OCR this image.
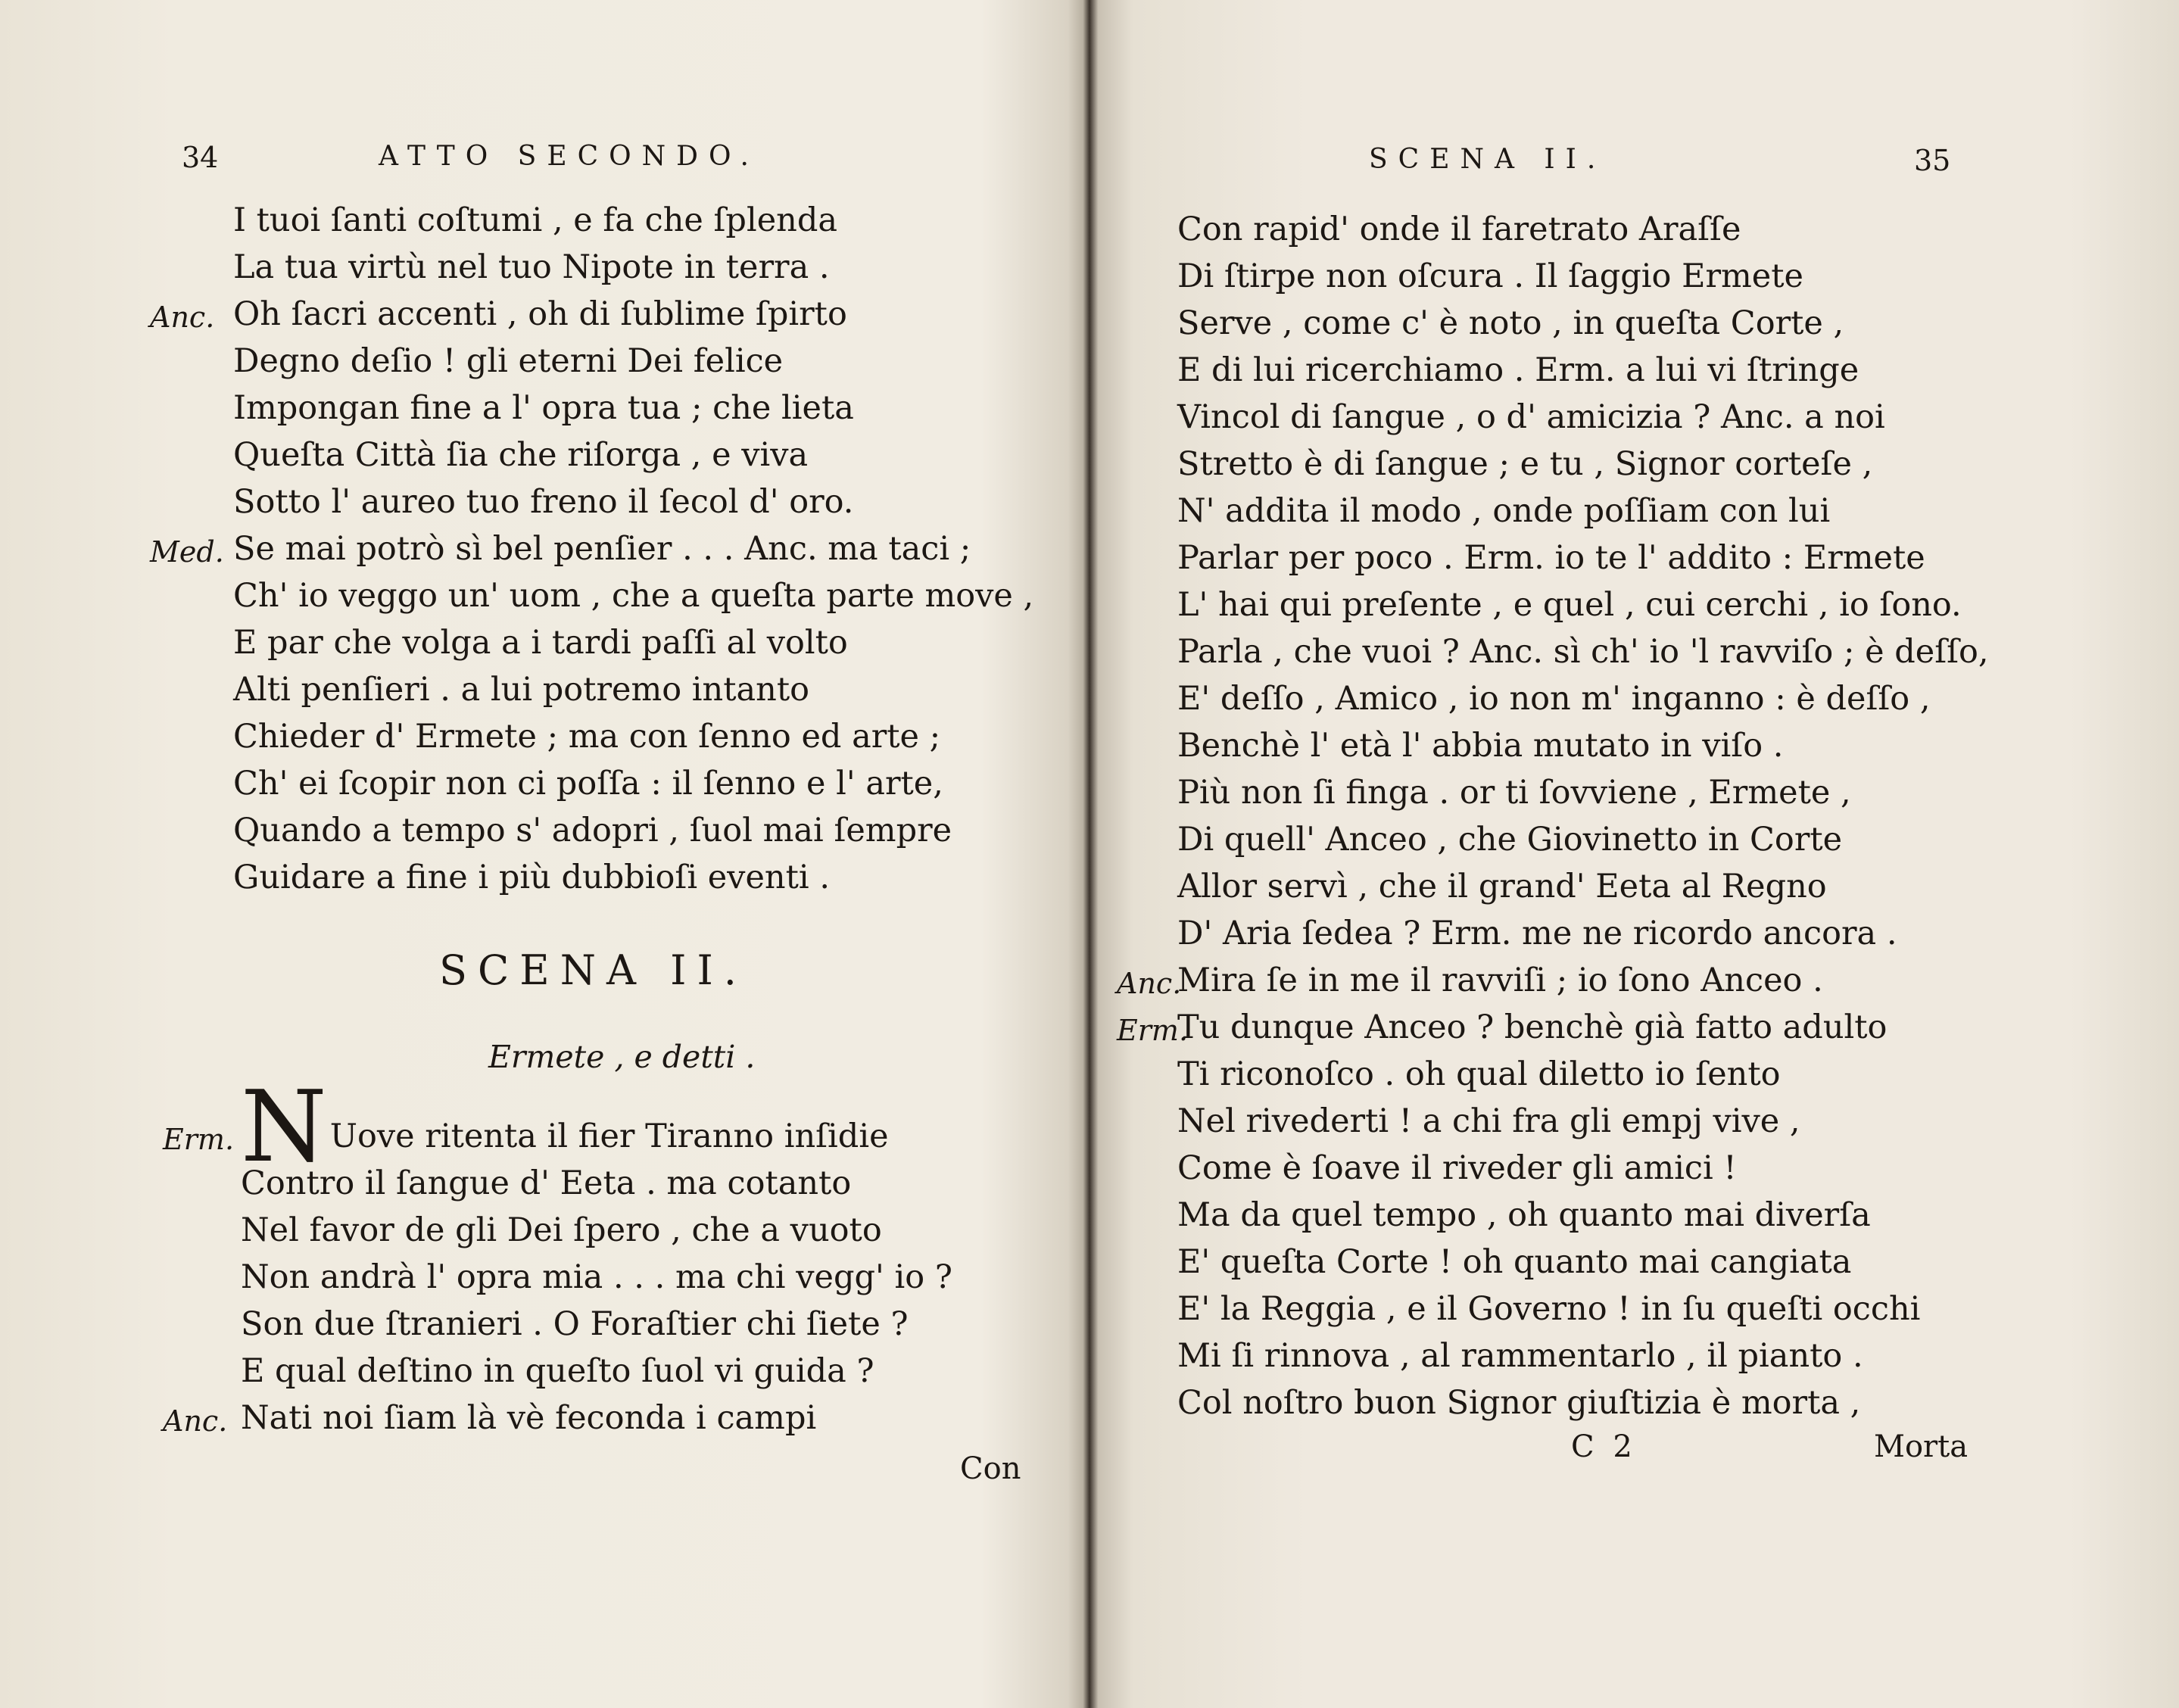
34	ATTO SECONDO.
I tuoi ſanti coſtumi , e fa che ſplenda
La tua virtù nel tuo Nipote in terra .
Anc. Oh ſacri accenti , oh di ſublime ſpirto
Degno deſio ! gli eterni Dei felice
Impongan fine a l' opra tua ; che lieta
Queſta Città ſia che riſorga , e viva
Sotto l' aureo tuo freno il ſecol d' oro.
Med. Se mai potrò sì bel penſier . . . Anc. ma taci ;
Ch' io veggo un' uom , che a queſta parte move ,
E par che volga a i tardi paſſi al volto
Alti penſieri . a lui potremo intanto
Chieder d' Ermete ; ma con ſenno ed arte ;
Ch' ei ſcopir non ci poſſa : il ſenno e l' arte,
Quando a tempo s' adopri , ſuol mai ſempre
Guidare a fine i più dubbioſi eventi .
SCENA II.
Ermete , e detti .
Erm. NUove ritenta il fier Tiranno inſidie
Contro il ſangue d' Eeta . ma cotanto
Nel favor de gli Dei ſpero , che a vuoto
Non andrà l' opra mia . . . ma chi vegg' io ?
Son due ſtranieri . O Foraſtier chi ſiete ?
E qual deſtino in queſto ſuol vi guida ?
Anc. Nati noi ſiam là vè feconda i campi
Con
SCENA II.	35
Con rapid' onde il faretrato Araſſe
Di ſtirpe non oſcura . Il ſaggio Ermete
Serve , come c' è noto , in queſta Corte ,
E di lui ricerchiamo . Erm. a lui vi ſtringe
Vincol di ſangue , o d' amicizia ? Anc. a noi
Stretto è di ſangue ; e tu , Signor corteſe ,
N' addita il modo , onde poſſiam con lui
Parlar per poco . Erm. io te l' addito : Ermete
L' hai qui preſente , e quel , cui cerchi , io ſono.
Parla , che vuoi ? Anc. sì ch' io 'l ravviſo ; è deſſo,
E' deſſo , Amico , io non m' inganno : è deſſo ,
Benchè l' età l' abbia mutato in viſo .
Più non ſi finga . or ti ſovviene , Ermete ,
Di quell' Anceo , che Giovinetto in Corte
Allor servì , che il grand' Eeta al Regno
D' Aria ſedea ? Erm. me ne ricordo ancora .
Anc.
Mira ſe in me il ravviſi ; io ſono Anceo .
Erm.
Tu dunque Anceo ? benchè già fatto adulto
Ti riconoſco . oh qual diletto io ſento
Nel rivederti ! a chi fra gli empj vive ,
Come è ſoave il riveder gli amici !
Ma da quel tempo , oh quanto mai diverſa
E' queſta Corte ! oh quanto mai cangiata
E' la Reggia , e il Governo ! in ſu queſti occhi
Mi ſi rinnova , al rammentarlo , il pianto .
Col noſtro buon Signor giuſtizia è morta ,
C 2	Morta
